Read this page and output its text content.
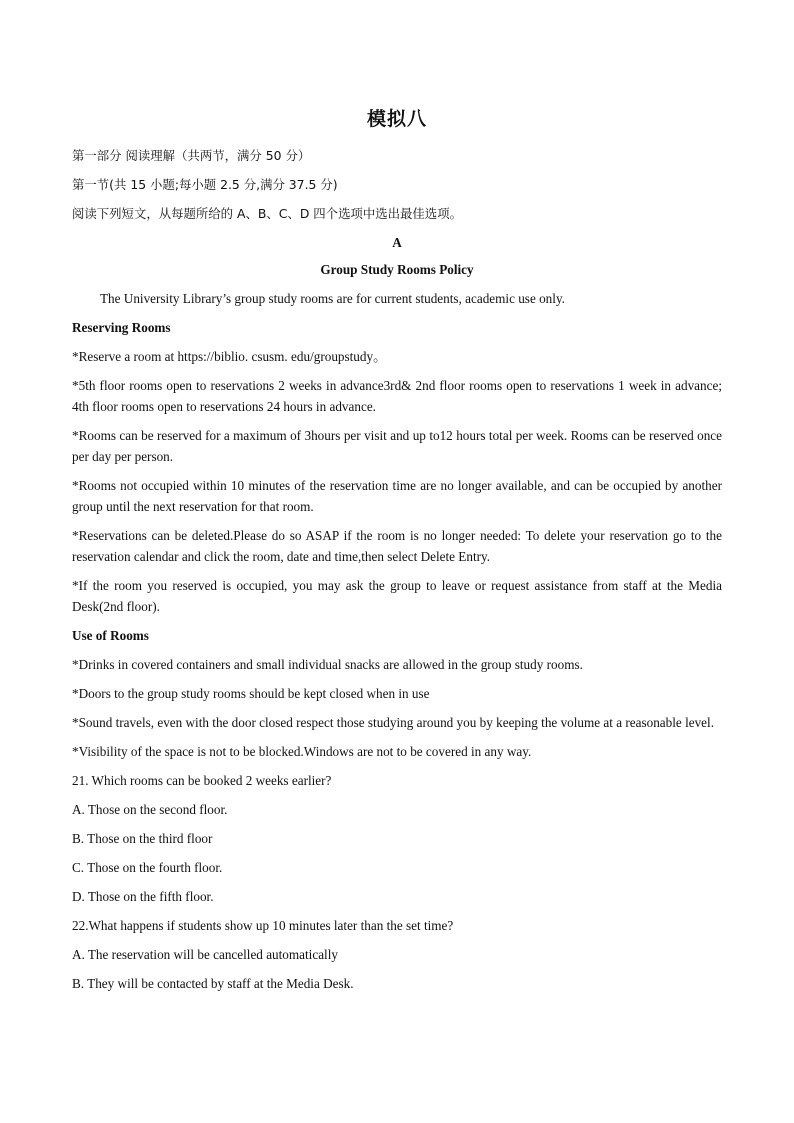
模拟八
第一部分 阅读理解（共两节，满分 50 分）
第一节(共 15 小题;每小题 2.5 分,满分 37.5 分)
阅读下列短文，从每题所给的 A、B、C、D 四个选项中选出最佳选项。
A
Group Study Rooms Policy
The University Library’s group study rooms are for current students, academic use only.
Reserving Rooms
*Reserve a room at https://biblio. csusm. edu/groupstudy。
*5th floor rooms open to reservations 2 weeks in advance3rd& 2nd floor rooms open to reservations 1 week in advance; 4th floor rooms open to reservations 24 hours in advance.
*Rooms can be reserved for a maximum of 3hours per visit and up to12 hours total per week. Rooms can be reserved once per day per person.
*Rooms not occupied within 10 minutes of the reservation time are no longer available, and can be occupied by another group until the next reservation for that room.
*Reservations can be deleted.Please do so ASAP if the room is no longer needed: To delete your reservation go to the reservation calendar and click the room, date and time,then select Delete Entry.
*If the room you reserved is occupied, you may ask the group to leave or request assistance from staff at the Media Desk(2nd floor).
Use of Rooms
*Drinks in covered containers and small individual snacks are allowed in the group study rooms.
*Doors to the group study rooms should be kept closed when in use
*Sound travels, even with the door closed respect those studying around you by keeping the volume at a reasonable level.
*Visibility of the space is not to be blocked.Windows are not to be covered in any way.
21. Which rooms can be booked 2 weeks earlier?
A. Those on the second floor.
B. Those on the third floor
C. Those on the fourth floor.
D. Those on the fifth floor.
22.What happens if students show up 10 minutes later than the set time?
A. The reservation will be cancelled automatically
B. They will be contacted by staff at the Media Desk.
